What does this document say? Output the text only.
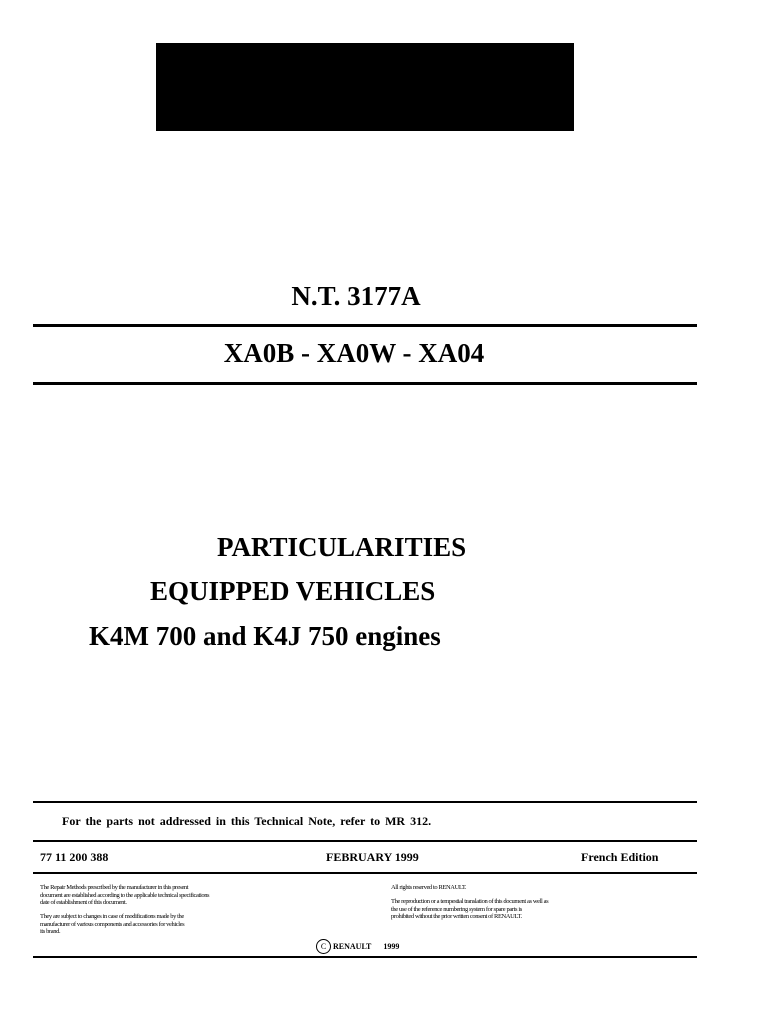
N.T. 3177A
XA0B - XA0W - XA04
PARTICULARITIES
EQUIPPED VEHICLES
K4M 700 and K4J 750 engines
For the parts not addressed in this Technical Note, refer to MR 312.
77 11 200 388	FEBRUARY 1999	French Edition
The Repair Methods prescribed by the manufacturer in this present
document are established according to the applicable technical specifications
date of establishment of this document.
They are subject to changes in case of modifications made by the
manufacturer of various components and accessories for vehicles
its brand.
All rights reserved to RENAULT.
The reproduction or a tempestial translation of this document as well as
the use of the reference numbering system for spare parts is
prohibited without the prior written consent of RENAULT.
C RENAULT 1999
